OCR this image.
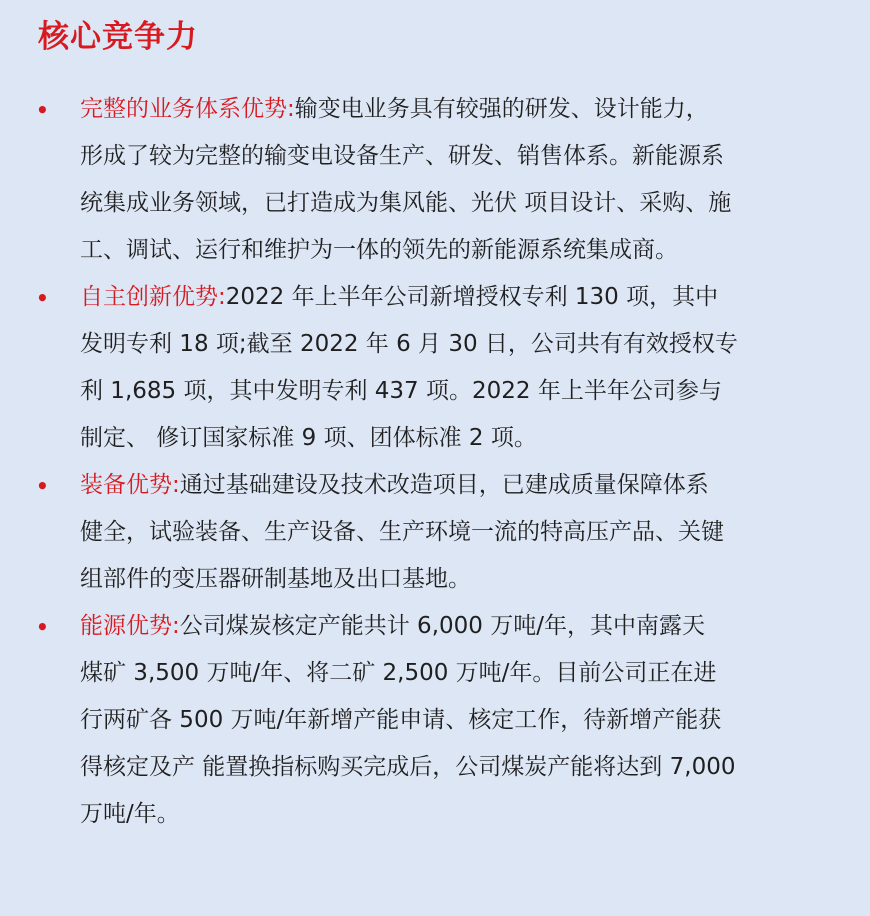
核心竞争力
• 完整的业务体系优势:输变电业务具有较强的研发、设计能力，
形成了较为完整的输变电设备生产、研发、销售体系。新能源系
统集成业务领域，已打造成为集风能、光伏 项目设计、采购、施
工、调试、运行和维护为一体的领先的新能源系统集成商。
• 自主创新优势:2022 年上半年公司新增授权专利 130 项，其中
发明专利 18 项;截至 2022 年 6 月 30 日，公司共有有效授权专
利 1,685 项，其中发明专利 437 项。2022 年上半年公司参与
制定、 修订国家标准 9 项、团体标准 2 项。
• 装备优势:通过基础建设及技术改造项目，已建成质量保障体系
健全，试验装备、生产设备、生产环境一流的特高压产品、关键
组部件的变压器研制基地及出口基地。
• 能源优势:公司煤炭核定产能共计 6,000 万吨/年，其中南露天
煤矿 3,500 万吨/年、将二矿 2,500 万吨/年。目前公司正在进
行两矿各 500 万吨/年新增产能申请、核定工作，待新增产能获
得核定及产 能置换指标购买完成后，公司煤炭产能将达到 7,000
万吨/年。
